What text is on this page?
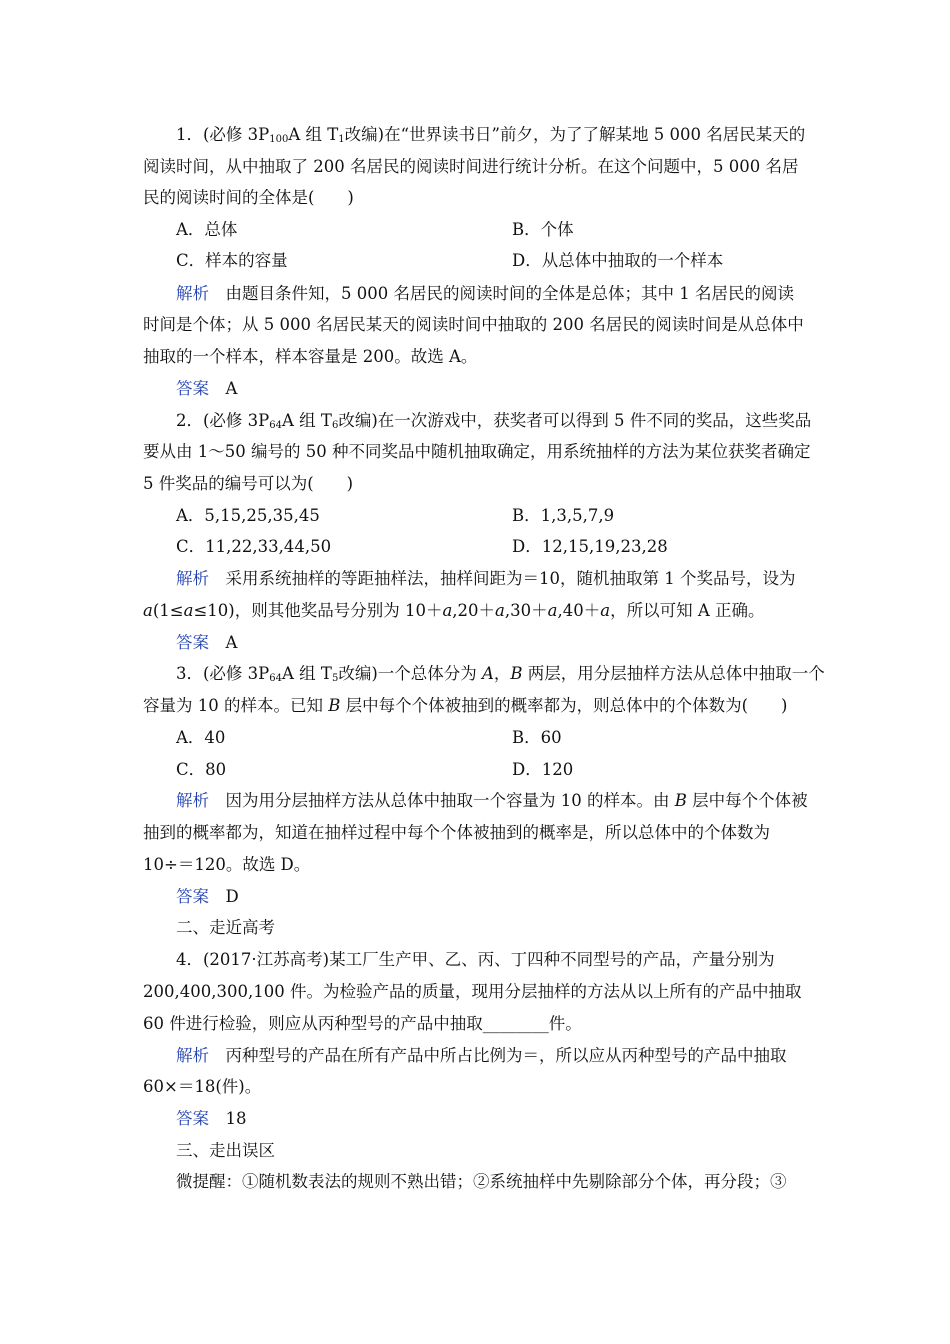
1．(必修 $3P_{100}A$ 组 $T_1$改编)在“世界读书日”前夕，为了了解某地 5 000 名居民某天的
阅读时间，从中抽取了 200 名居民的阅读时间进行统计分析。在这个问题中，5 000 名居
民的阅读时间的全体是(　　)
A．总体	B．个体
C．样本的容量	D．从总体中抽取的一个样本
解析　 由题目条件知，5 000 名居民的阅读时间的全体是总体；其中 1 名居民的阅读
时间是个体；从 5 000 名居民某天的阅读时间中抽取的 200 名居民的阅读时间是从总体中
抽取的一个样本，样本容量是 200。故选 A。
答案　 A
2．(必修 $3P_{64}A$ 组 $T_6$改编)在一次游戏中，获奖者可以得到 5 件不同的奖品，这些奖品
要从由 1～50 编号的 50 种不同奖品中随机抽取确定，用系统抽样的方法为某位获奖者确定
5 件奖品的编号可以为(　　)
A．5,15,25,35,45	B．1,3,5,7,9
C．11,22,33,44,50	D．12,15,19,23,28
解析　 采用系统抽样的等距抽样法，抽样间距为＝10，随机抽取第 1 个奖品号，设为
a(1≤a≤10)，则其他奖品号分别为 10＋a,20＋a,30＋a,40＋a，所以可知 A 正确。
答案　 A
3．(必修 $3P_{64}A$ 组 $T_5$改编)一个总体分为 A，B 两层，用分层抽样方法从总体中抽取一个
容量为 10 的样本。已知 B 层中每个个体被抽到的概率都为，则总体中的个体数为(　　)
A．40	B．60
C．80	D．120
解析　 因为用分层抽样方法从总体中抽取一个容量为 10 的样本。由 B 层中每个个体被
抽到的概率都为，知道在抽样过程中每个个体被抽到的概率是，所以总体中的个体数为
10÷＝120。故选 D。
答案　 D
二、走近高考
4．(2017·江苏高考)某工厂生产甲、乙、丙、丁四种不同型号的产品，产量分别为
200,400,300,100 件。为检验产品的质量，现用分层抽样的方法从以上所有的产品中抽取
60 件进行检验，则应从丙种型号的产品中抽取________件。
解析　 丙种型号的产品在所有产品中所占比例为＝，所以应从丙种型号的产品中抽取
60×＝18(件)。
答案　 18
三、走出误区
微提醒：①随机数表法的规则不熟出错；②系统抽样中先剔除部分个体，再分段；③
